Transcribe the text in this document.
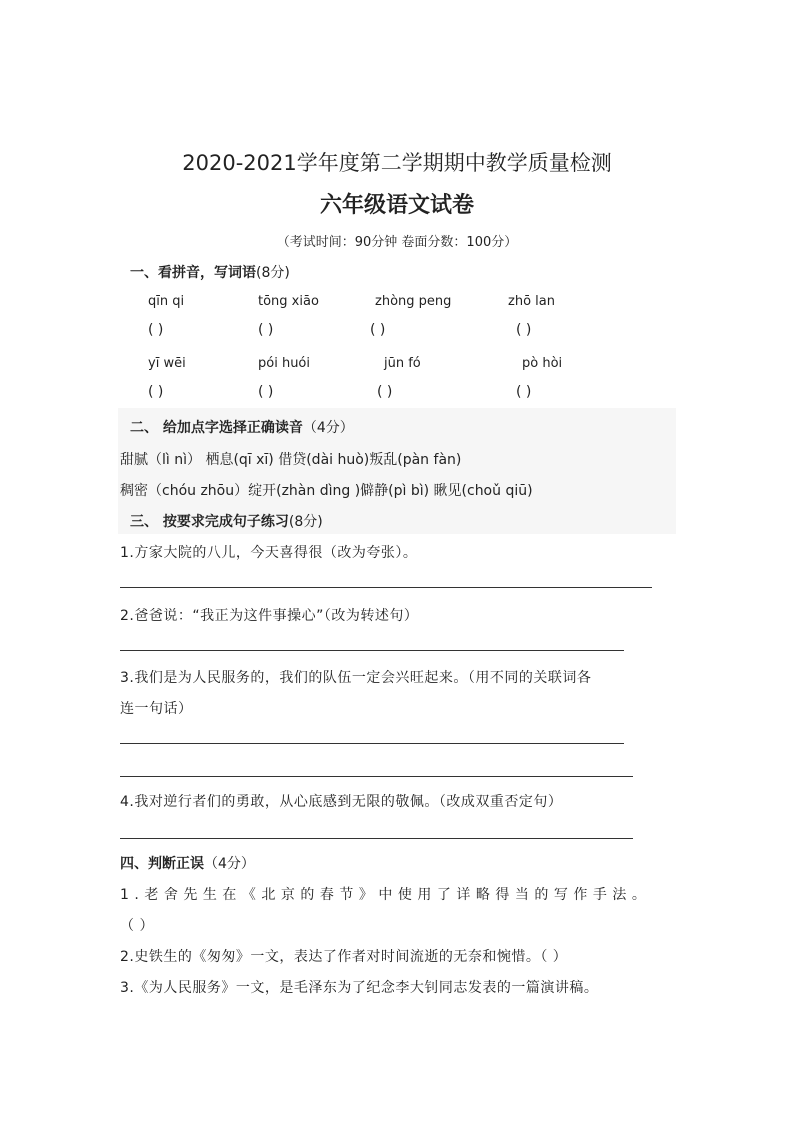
2020-2021学年度第二学期期中教学质量检测
六年级语文试卷
（考试时间：90分钟 卷面分数：100分）
一、看拼音，写词语(8分)
qīn qi	tōng xiāo	zhòng peng	zhō lan
( )	( )	( )	( )
yī wēi	pói huói	jūn fó	pò hòi
( )	( )	( )	( )
二、 给加点字选择正确读音（4分）
甜腻（lì nì） 栖息(qī xī) 借贷(dài huò)叛乱(pàn fàn)
稠密（chóu zhōu）绽开(zhàn dìng )僻静(pì bì) 瞅见(choǔ qiū)
三、 按要求完成句子练习(8分)
1.方家大院的八儿，今天喜得很（改为夸张）。
2.爸爸说：“我正为这件事操心”（改为转述句）
3.我们是为人民服务的，我们的队伍一定会兴旺起来。（用不同的关联词各
连一句话）
4.我对逆行者们的勇敢，从心底感到无限的敬佩。（改成双重否定句）
四、判断正误（4分）
1.老舍先生在《北京的春节》中使用了详略得当的写作手法。
（ ）
2.史铁生的《匆匆》一文，表达了作者对时间流逝的无奈和惋惜。（ ）
3.《为人民服务》一文，是毛泽东为了纪念李大钊同志发表的一篇演讲稿。
